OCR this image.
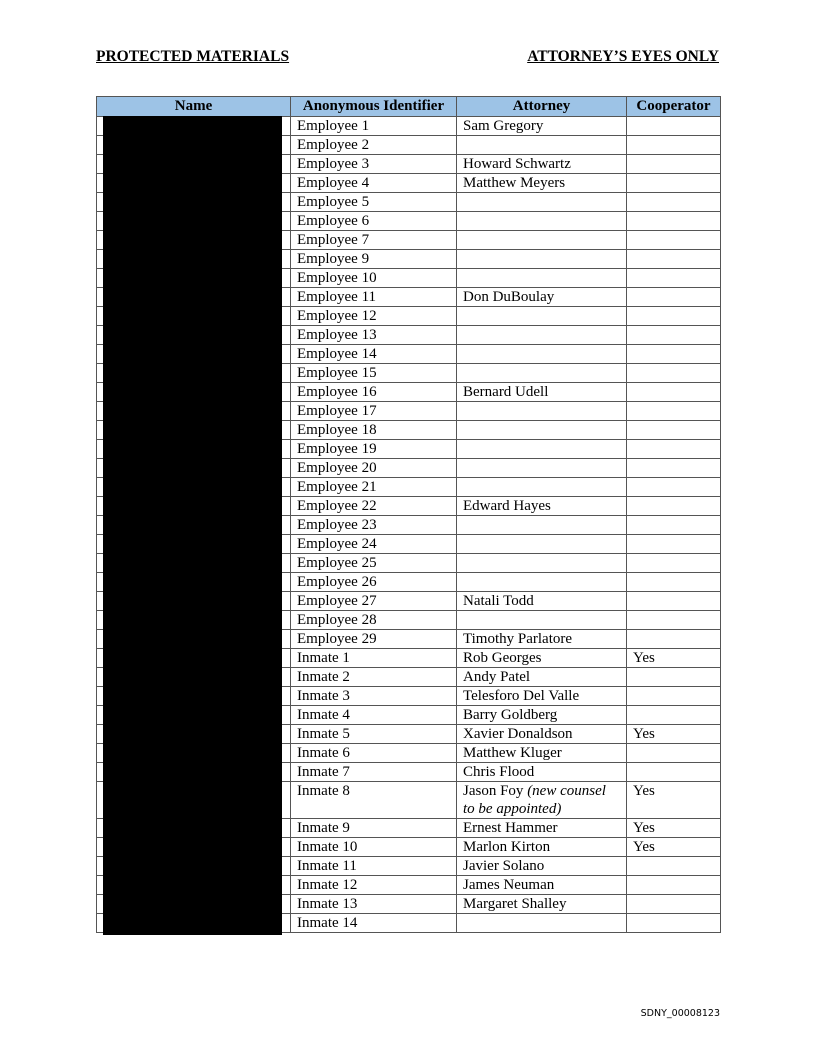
PROTECTED MATERIALS	ATTORNEY’S EYES ONLY
Name	Anonymous Identifier	Attorney	Cooperator
	Employee 1	Sam Gregory	
	Employee 2		
	Employee 3	Howard Schwartz	
	Employee 4	Matthew Meyers	
	Employee 5		
	Employee 6		
	Employee 7		
	Employee 9		
	Employee 10		
	Employee 11	Don DuBoulay	
	Employee 12		
	Employee 13		
	Employee 14		
	Employee 15		
	Employee 16	Bernard Udell	
	Employee 17		
	Employee 18		
	Employee 19		
	Employee 20		
	Employee 21		
	Employee 22	Edward Hayes	
	Employee 23		
	Employee 24		
	Employee 25		
	Employee 26		
	Employee 27	Natali Todd	
	Employee 28		
	Employee 29	Timothy Parlatore	
	Inmate 1	Rob Georges	Yes
	Inmate 2	Andy Patel	
	Inmate 3	Telesforo Del Valle	
	Inmate 4	Barry Goldberg	
	Inmate 5	Xavier Donaldson	Yes
	Inmate 6	Matthew Kluger	
	Inmate 7	Chris Flood	
	Inmate 8	Jason Foy (new counsel to be appointed)	Yes
	Inmate 9	Ernest Hammer	Yes
	Inmate 10	Marlon Kirton	Yes
	Inmate 11	Javier Solano	
	Inmate 12	James Neuman	
	Inmate 13	Margaret Shalley	
	Inmate 14		
SDNY_00008123
